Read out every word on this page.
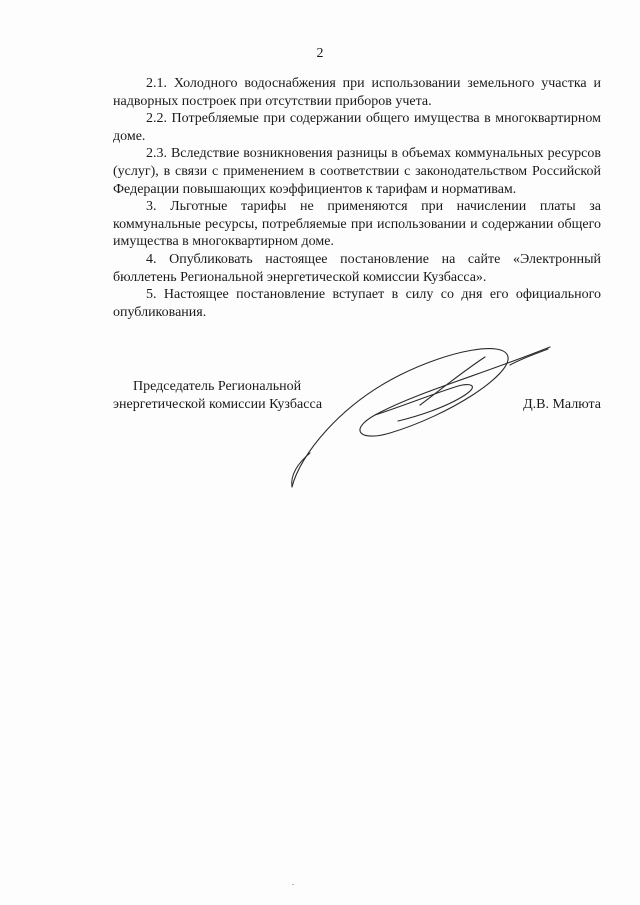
2

2.1. Холодного водоснабжения при использовании земельного участка и надворных построек при отсутствии приборов учета.

2.2. Потребляемые при содержании общего имущества в многоквартирном доме.

2.3. Вследствие возникновения разницы в объемах коммунальных ресурсов (услуг), в связи с применением в соответствии с законодательством Российской Федерации повышающих коэффициентов к тарифам и нормативам.

3. Льготные тарифы не применяются при начислении платы за коммунальные ресурсы, потребляемые при использовании и содержании общего имущества в многоквартирном доме.

4. Опубликовать настоящее постановление на сайте «Электронный бюллетень Региональной энергетической комиссии Кузбасса».

5. Настоящее постановление вступает в силу со дня его официального опубликования.

Председатель Региональной
энергетической комиссии Кузбасса	Д.В. Малюта
